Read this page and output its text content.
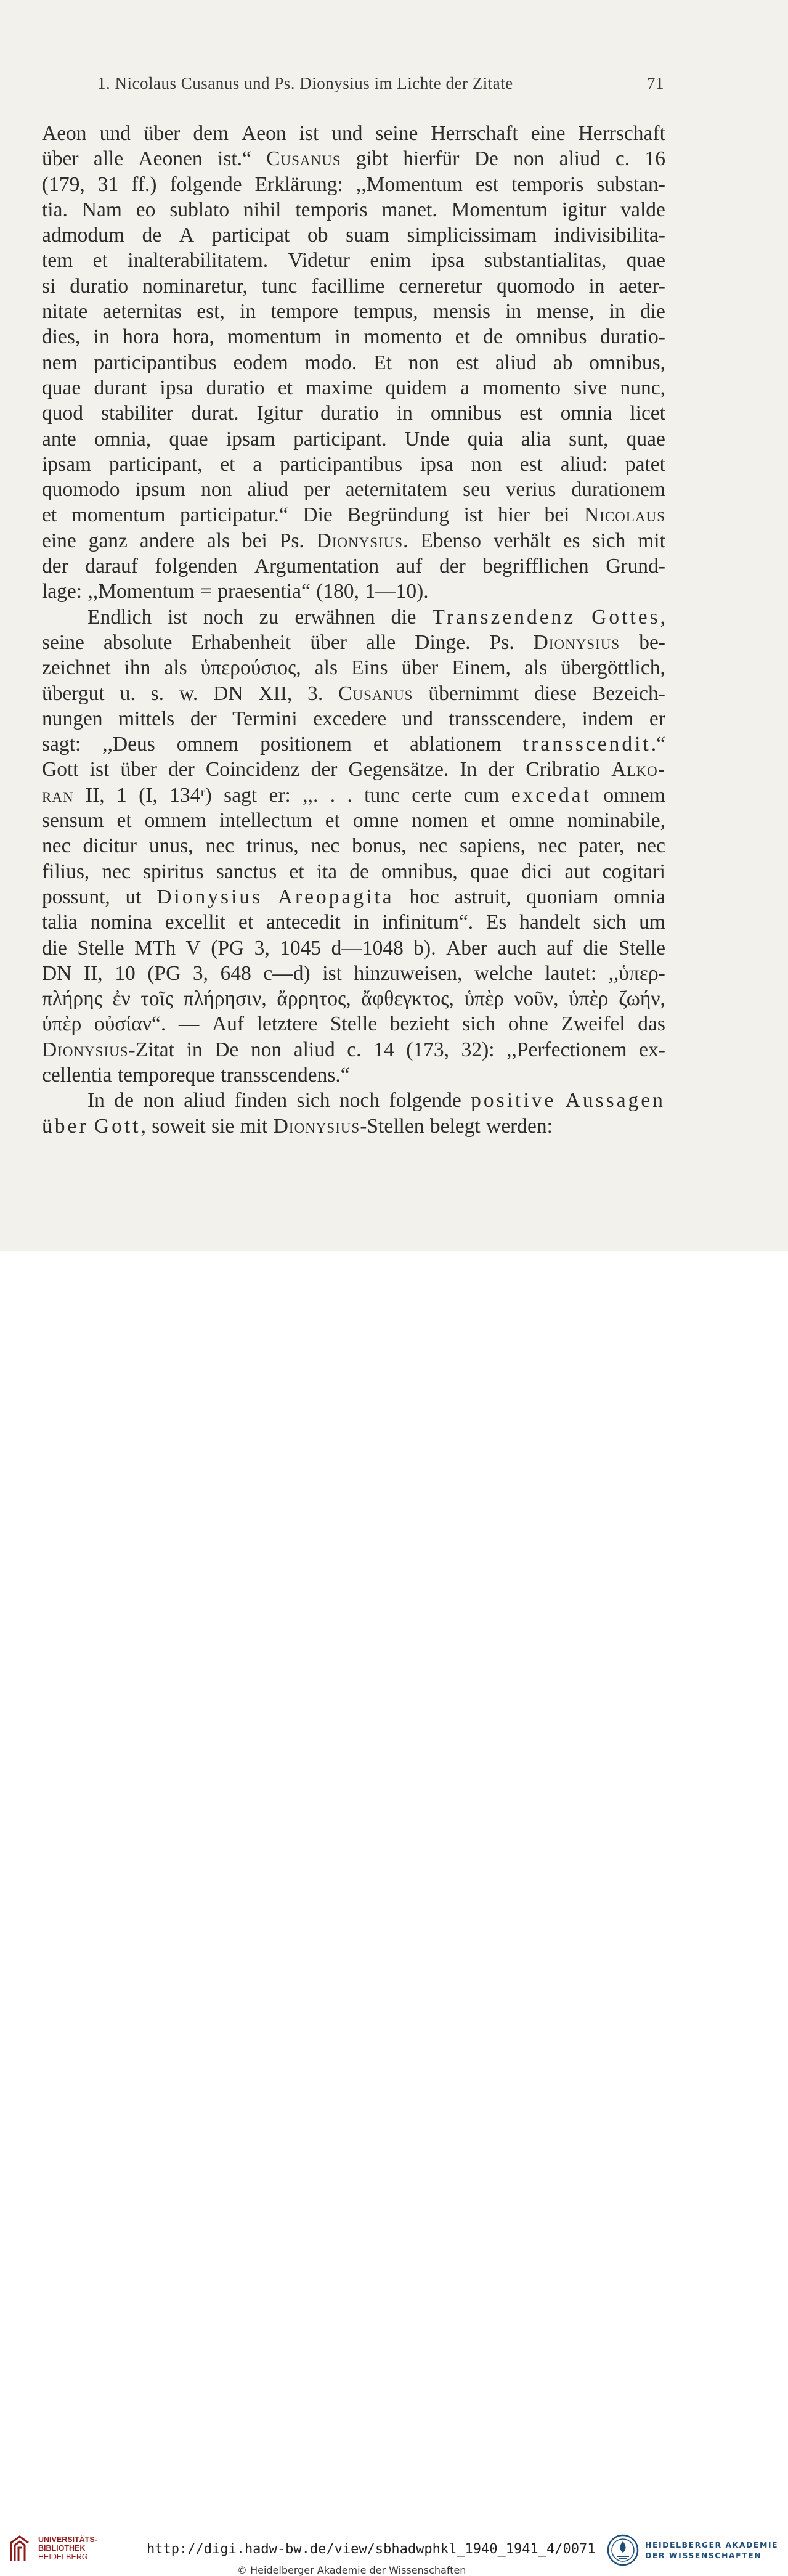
1. Nicolaus Cusanus und Ps. Dionysius im Lichte der Zitate	71
Aeon und über dem Aeon ist und seine Herrschaft eine Herrschaft
über alle Aeonen ist.“ Cusanus gibt hierfür De non aliud c. 16
(179, 31 ff.) folgende Erklärung: ,,Momentum est temporis substan-
tia. Nam eo sublato nihil temporis manet. Momentum igitur valde
admodum de A participat ob suam simplicissimam indivisibilita-
tem et inalterabilitatem. Videtur enim ipsa substantialitas, quae
si duratio nominaretur, tunc facillime cerneretur quomodo in aeter-
nitate aeternitas est, in tempore tempus, mensis in mense, in die
dies, in hora hora, momentum in momento et de omnibus duratio-
nem participantibus eodem modo. Et non est aliud ab omnibus,
quae durant ipsa duratio et maxime quidem a momento sive nunc,
quod stabiliter durat. Igitur duratio in omnibus est omnia licet
ante omnia, quae ipsam participant. Unde quia alia sunt, quae
ipsam participant, et a participantibus ipsa non est aliud: patet
quomodo ipsum non aliud per aeternitatem seu verius durationem
et momentum participatur.“ Die Begründung ist hier bei Nicolaus
eine ganz andere als bei Ps. Dionysius. Ebenso verhält es sich mit
der darauf folgenden Argumentation auf der begrifflichen Grund-
lage: ,,Momentum = praesentia“ (180, 1—10).
Endlich ist noch zu erwähnen die Transzendenz Gottes,
seine absolute Erhabenheit über alle Dinge. Ps. Dionysius be-
zeichnet ihn als ὑπερούσιος, als Eins über Einem, als übergöttlich,
übergut u. s. w. DN XII, 3. Cusanus übernimmt diese Bezeich-
nungen mittels der Termini excedere und transscendere, indem er
sagt: ,,Deus omnem positionem et ablationem transscendit.“
Gott ist über der Coincidenz der Gegensätze. In der Cribratio Alko-
ran II, 1 (I, 134ʳ) sagt er: ,,. . . tunc certe cum excedat omnem
sensum et omnem intellectum et omne nomen et omne nominabile,
nec dicitur unus, nec trinus, nec bonus, nec sapiens, nec pater, nec
filius, nec spiritus sanctus et ita de omnibus, quae dici aut cogitari
possunt, ut Dionysius Areopagita hoc astruit, quoniam omnia
talia nomina excellit et antecedit in infinitum“. Es handelt sich um
die Stelle MTh V (PG 3, 1045 d—1048 b). Aber auch auf die Stelle
DN II, 10 (PG 3, 648 c—d) ist hinzuweisen, welche lautet: ,,ὑπερ-
πλήρης ἐν τοῖς πλήρησιν, ἄρρητος, ἄφθεγκτος, ὑπὲρ νοῦν, ὑπὲρ ζωήν,
ὑπὲρ οὐσίαν“. — Auf letztere Stelle bezieht sich ohne Zweifel das
Dionysius-Zitat in De non aliud c. 14 (173, 32): ,,Perfectionem ex-
cellentia temporeque transscendens.“
In de non aliud finden sich noch folgende positive Aussagen
über Gott, soweit sie mit Dionysius-Stellen belegt werden:
UNIVERSITÄTS-
BIBLIOTHEK
HEIDELBERG	http://digi.hadw-bw.de/view/sbhadwphkl_1940_1941_4/0071
© Heidelberger Akademie der Wissenschaften
HEIDELBERGER AKADEMIE
DER WISSENSCHAFTEN
